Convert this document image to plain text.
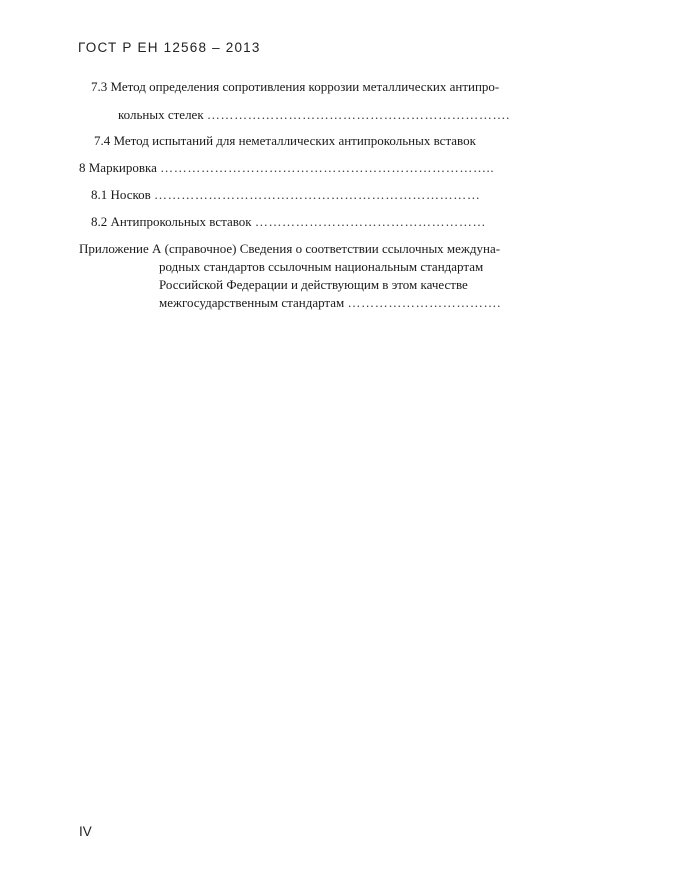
ГОСТ Р ЕН 12568 – 2013
7.3 Метод определения сопротивления коррозии металлических антипро-
кольных стелек ………………………………………………………….
7.4 Метод испытаний для неметаллических антипрокольных вставок
8 Маркировка ………………………………………………………………..
8.1 Носков ………………………………………………………………
8.2 Антипрокольных вставок ……………………………………………
Приложение А (справочное) Сведения о соответствии ссылочных междуна-
родных стандартов ссылочным национальным стандартам
Российской Федерации и действующим в этом качестве
межгосударственным стандартам …………………………….
IV
